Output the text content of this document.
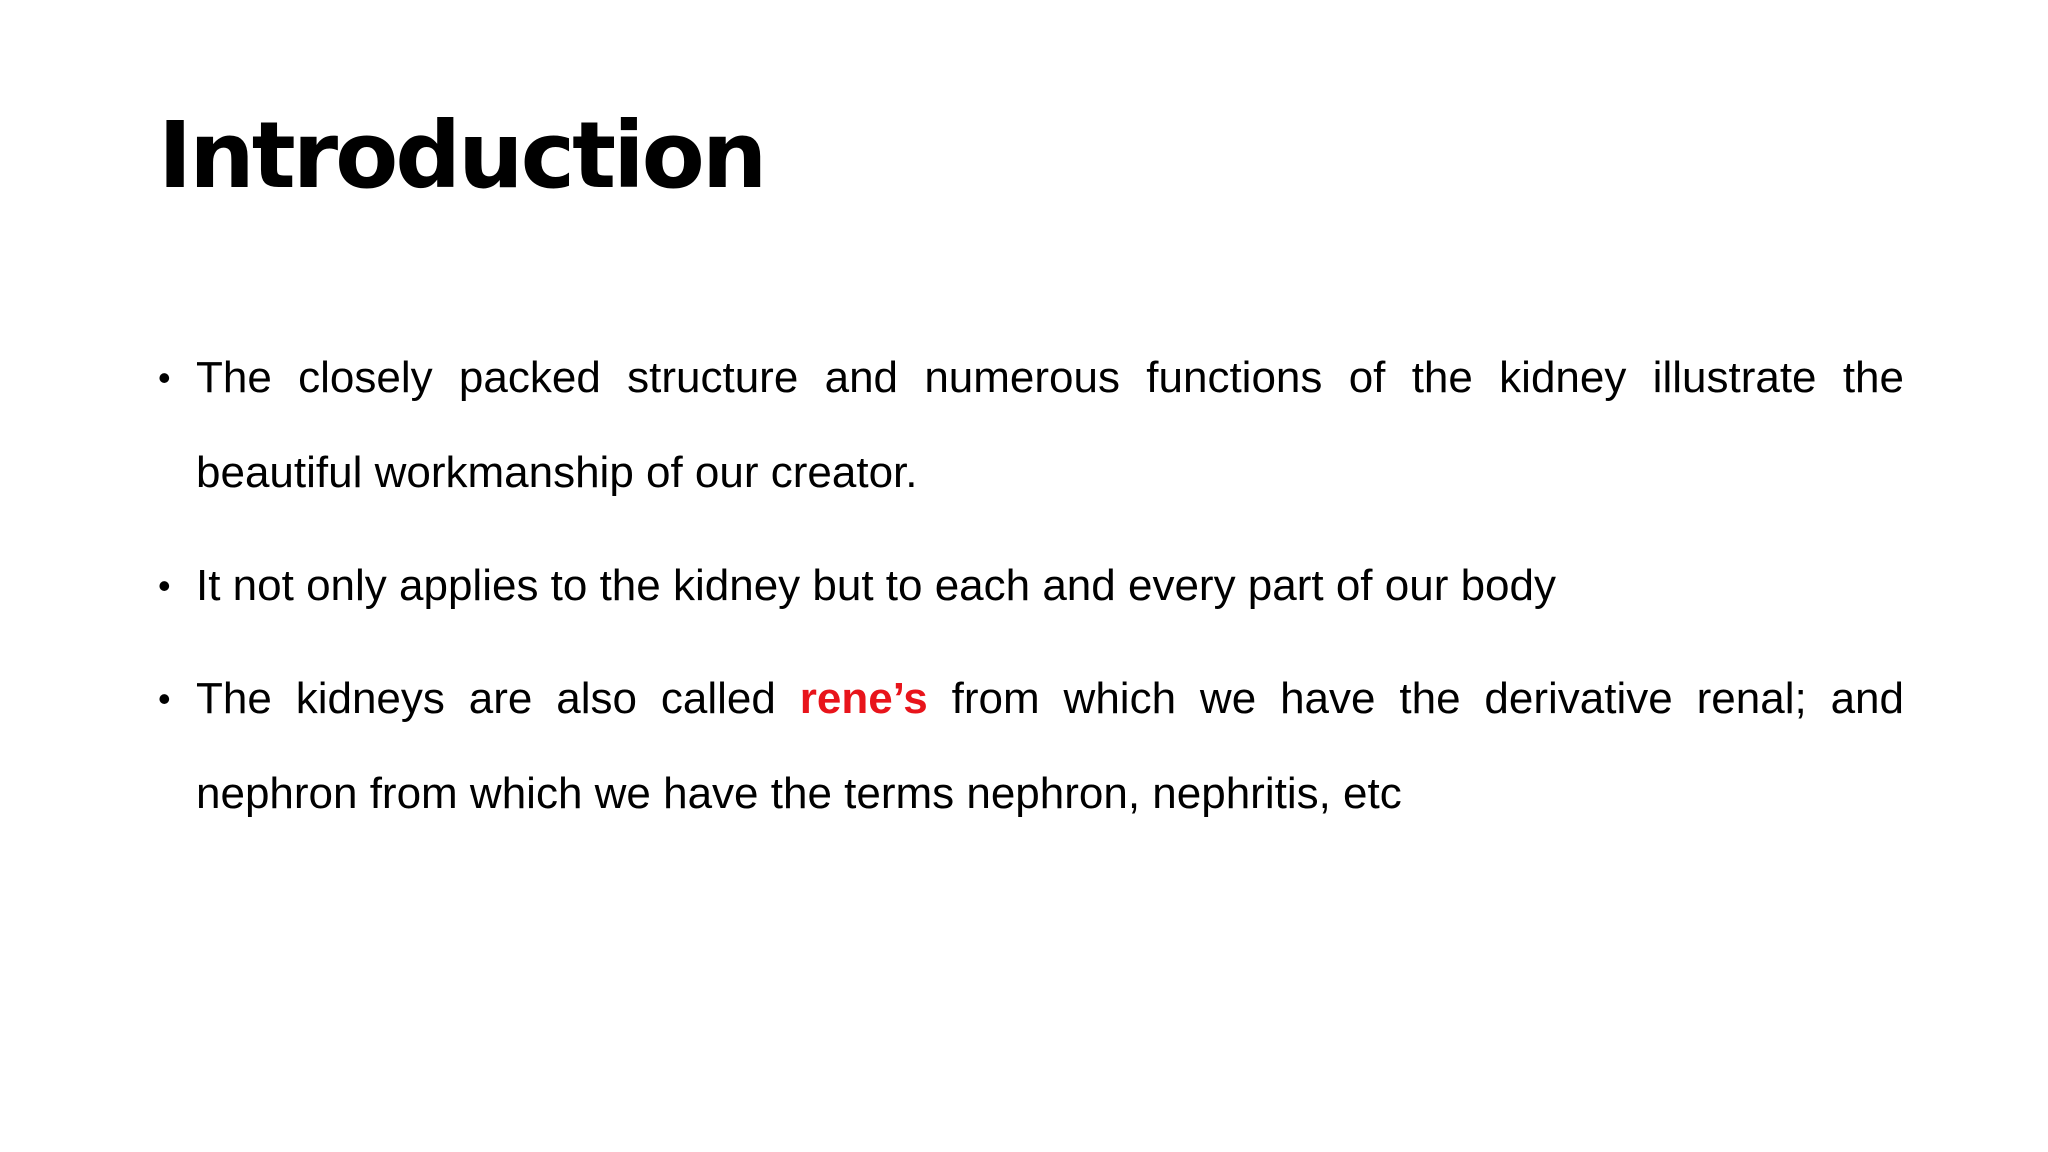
Introduction
• The closely packed structure and numerous functions of the kidney illustrate the beautiful workmanship of our creator.
• It not only applies to the kidney but to each and every part of our body
• The kidneys are also called rene’s from which we have the derivative renal; and nephron from which we have the terms nephron, nephritis, etc
